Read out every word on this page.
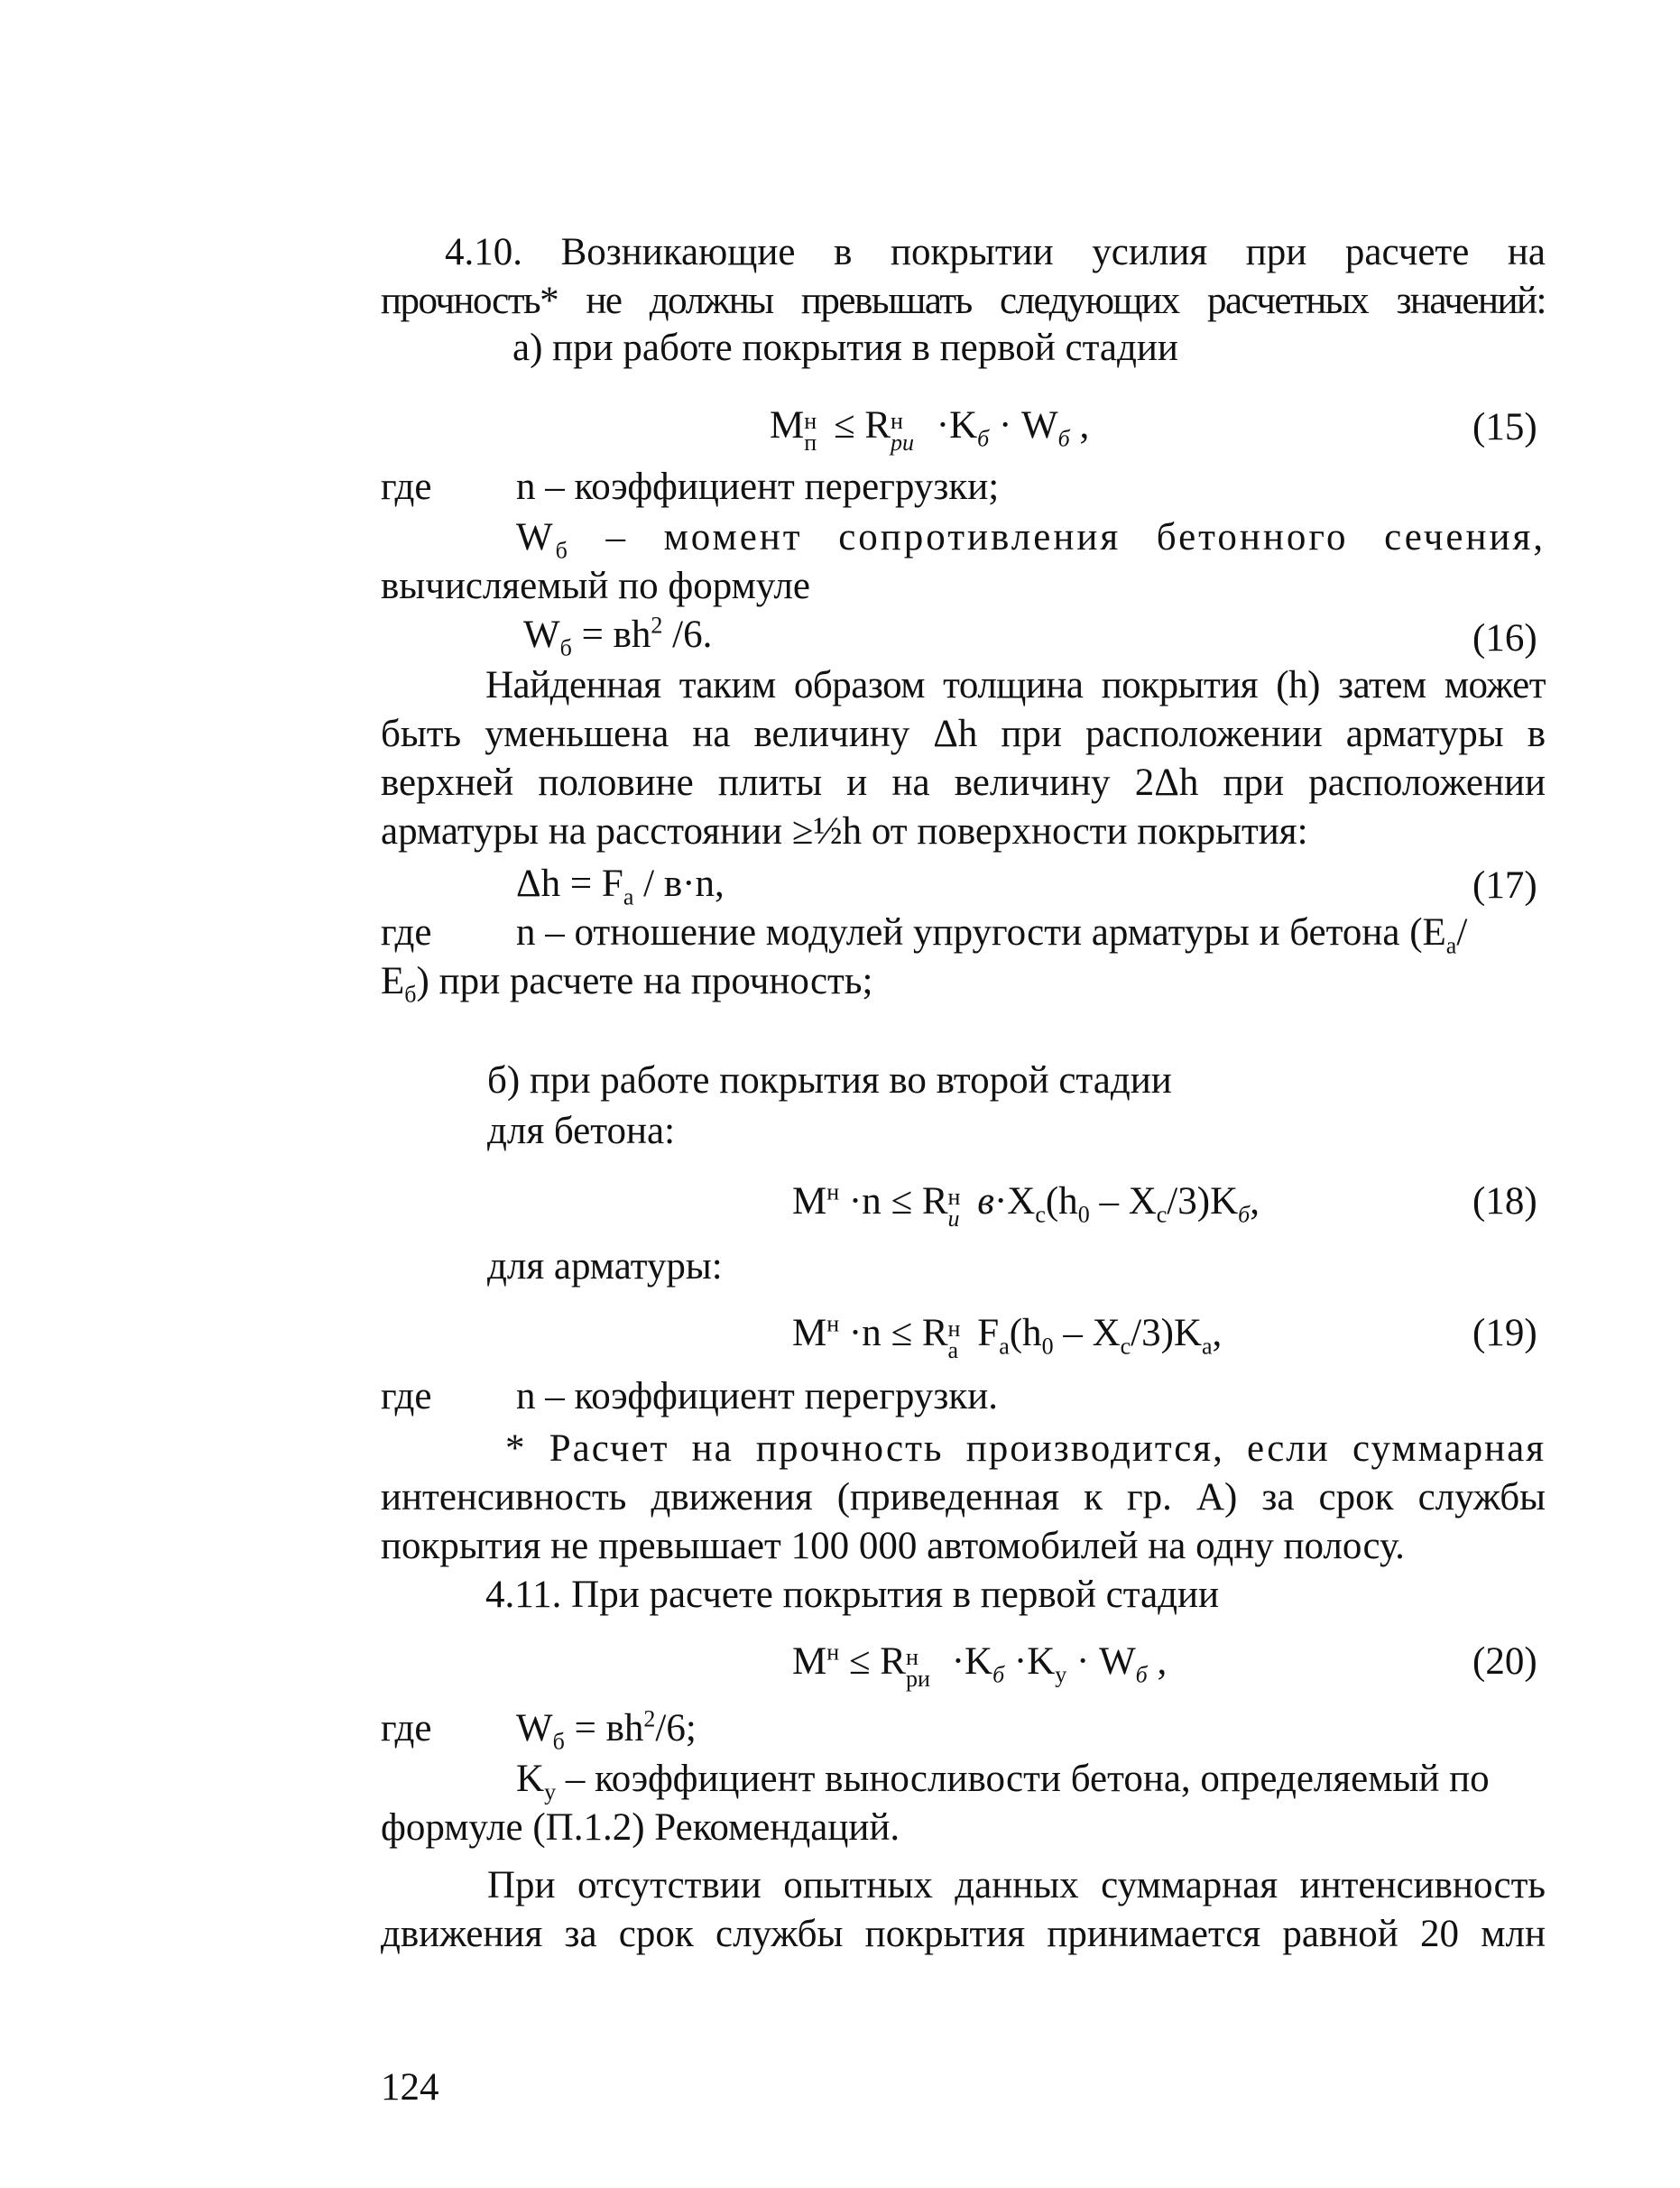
4.10. Возникающие в покрытии усилия при расчете на
прочность* не должны превышать следующих расчетных значений:
а) при работе покрытия в первой стадии
M н
п ≤ R н
ри $\cdot K_б \cdot W_б$ ,	(15)
где n – коэффициент перегрузки;
$W_б$ – момент сопротивления бетонного сечения,
вычисляемый по формуле
$W_б = вh^2$ /6.	(16)
Найденная таким образом толщина покрытия (h) затем может
быть уменьшена на величину Δh при расположении арматуры в
верхней половине плиты и на величину 2Δh при расположении
арматуры на расстоянии ≥½h от поверхности покрытия:
$\Delta h = F_а / в\cdot n$,	(17)
где n – отношение модулей упругости арматуры и бетона ($E_а/$
$E_б$) при расчете на прочность;
б) при работе покрытия во второй стадии
для бетона:
$M^н \cdot n \le R$ н
и $в\cdot X_c(h_0 - X_c/3)K_б$,	(18)
для арматуры:
$M^н \cdot n \le R$ н
а $F_а(h_0 - X_c/3)K_а$,	(19)
где n – коэффициент перегрузки.
* Расчет на прочность производится, если суммарная
интенсивность движения (приведенная к гр. А) за срок службы
покрытия не превышает 100 000 автомобилей на одну полосу.
4.11. При расчете покрытия в первой стадии
$M^н \le R$ н
ри $\cdot K_б \cdot K_у \cdot W_б$ ,	(20)
где $W_б = вh^2/6$;
$K_у$ – коэффициент выносливости бетона, определяемый по
формуле (П.1.2) Рекомендаций.
При отсутствии опытных данных суммарная интенсивность
движения за срок службы покрытия принимается равной 20 млн
124
